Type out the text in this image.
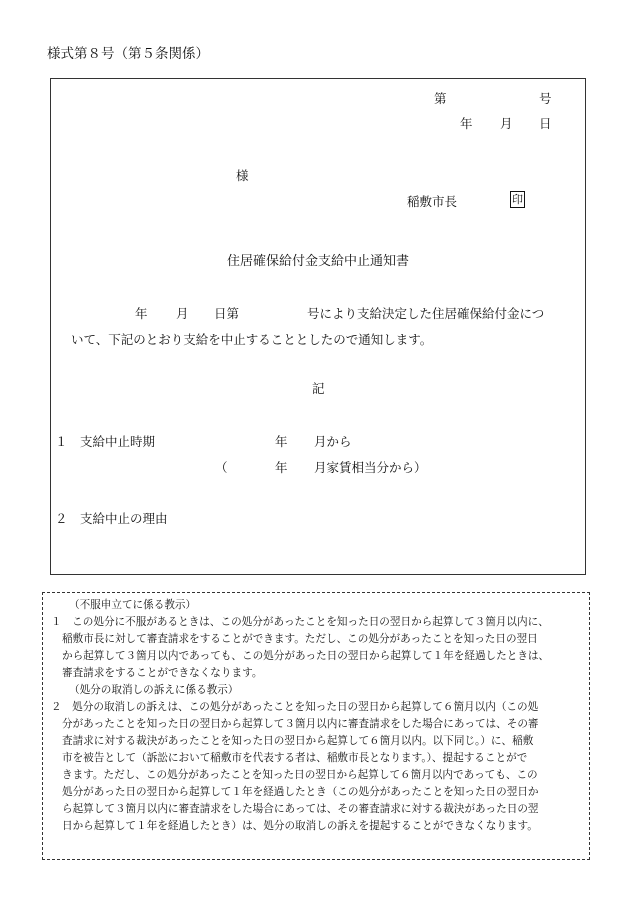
様式第８号（第５条関係）
第	号
年 月 日
様
稲敷市長	印
住居確保給付金支給中止通知書
年 月 日第	号により支給決定した住居確保給付金につ
いて、下記のとおり支給を中止することとしたので通知します。
記
１　支給中止時期	年 月から
（	年 月家賃相当分から）
２　支給中止の理由
（不服申立てに係る教示）
１　この処分に不服があるときは、この処分があったことを知った日の翌日から起算して３箇月以内に、
稲敷市長に対して審査請求をすることができます。ただし、この処分があったことを知った日の翌日
から起算して３箇月以内であっても、この処分があった日の翌日から起算して１年を経過したときは、
審査請求をすることができなくなります。
（処分の取消しの訴えに係る教示）
２　処分の取消しの訴えは、この処分があったことを知った日の翌日から起算して６箇月以内（この処
分があったことを知った日の翌日から起算して３箇月以内に審査請求をした場合にあっては、その審
査請求に対する裁決があったことを知った日の翌日から起算して６箇月以内。以下同じ。）に、稲敷
市を被告として（訴訟において稲敷市を代表する者は、稲敷市長となります。）、提起することがで
きます。ただし、この処分があったことを知った日の翌日から起算して６箇月以内であっても、この
処分があった日の翌日から起算して１年を経過したとき（この処分があったことを知った日の翌日か
ら起算して３箇月以内に審査請求をした場合にあっては、その審査請求に対する裁決があった日の翌
日から起算して１年を経過したとき）は、処分の取消しの訴えを提起することができなくなります。
